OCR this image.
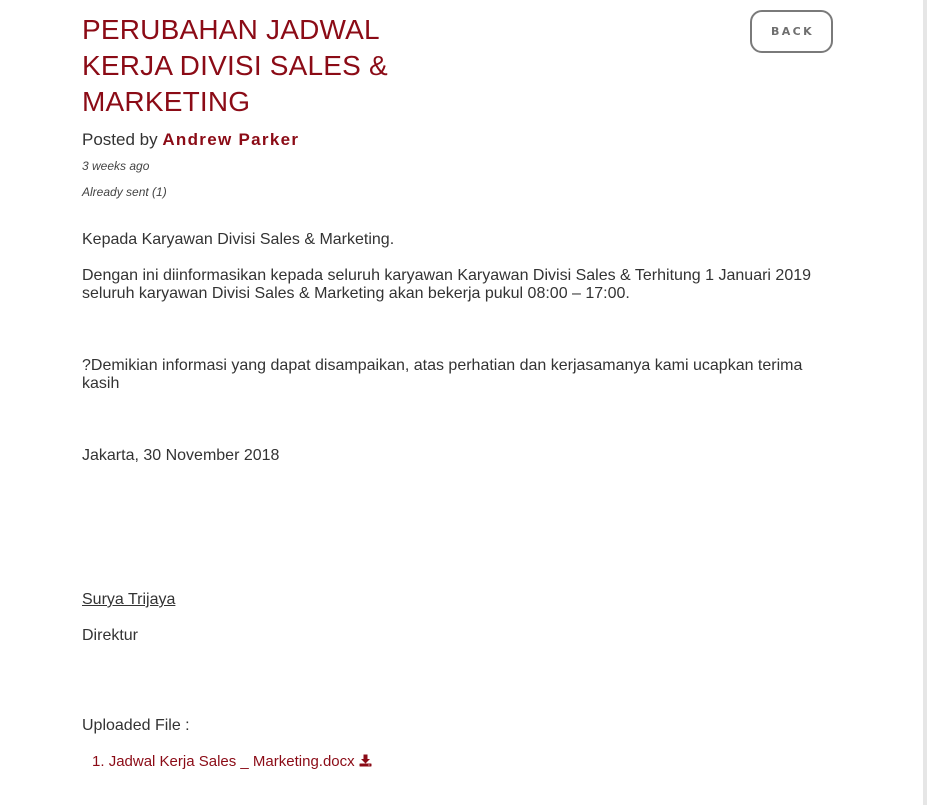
PERUBAHAN JADWAL KERJA DIVISI SALES & MARKETING
BACK
Posted by Andrew Parker
3 weeks ago
Already sent (1)

Kepada Karyawan Divisi Sales & Marketing.

Dengan ini diinformasikan kepada seluruh karyawan Karyawan Divisi Sales & Terhitung 1 Januari 2019 seluruh karyawan Divisi Sales & Marketing akan bekerja pukul 08:00 – 17:00.

?Demikian informasi yang dapat disampaikan, atas perhatian dan kerjasamanya kami ucapkan terima kasih

Jakarta, 30 November 2018

Surya Trijaya

Direktur

Uploaded File :

1. Jadwal Kerja Sales _ Marketing.docx
